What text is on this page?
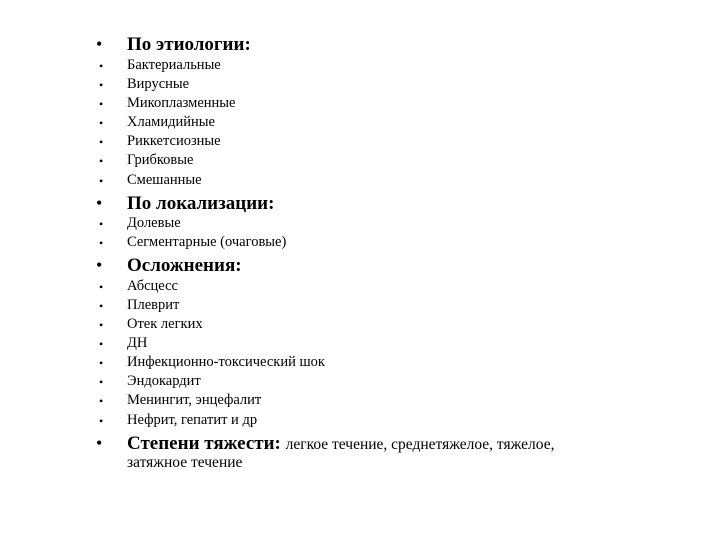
• По этиологии:
• Бактериальные
• Вирусные
• Микоплазменные
• Хламидийные
• Риккетсиозные
• Грибковые
• Смешанные
• По локализации:
• Долевые
• Сегментарные (очаговые)
• Осложнения:
• Абсцесс
• Плеврит
• Отек легких
• ДН
• Инфекционно-токсический шок
• Эндокардит
• Менингит, энцефалит
• Нефрит, гепатит и др
• Степени тяжести: легкое течение, среднетяжелое, тяжелое,
затяжное течение
